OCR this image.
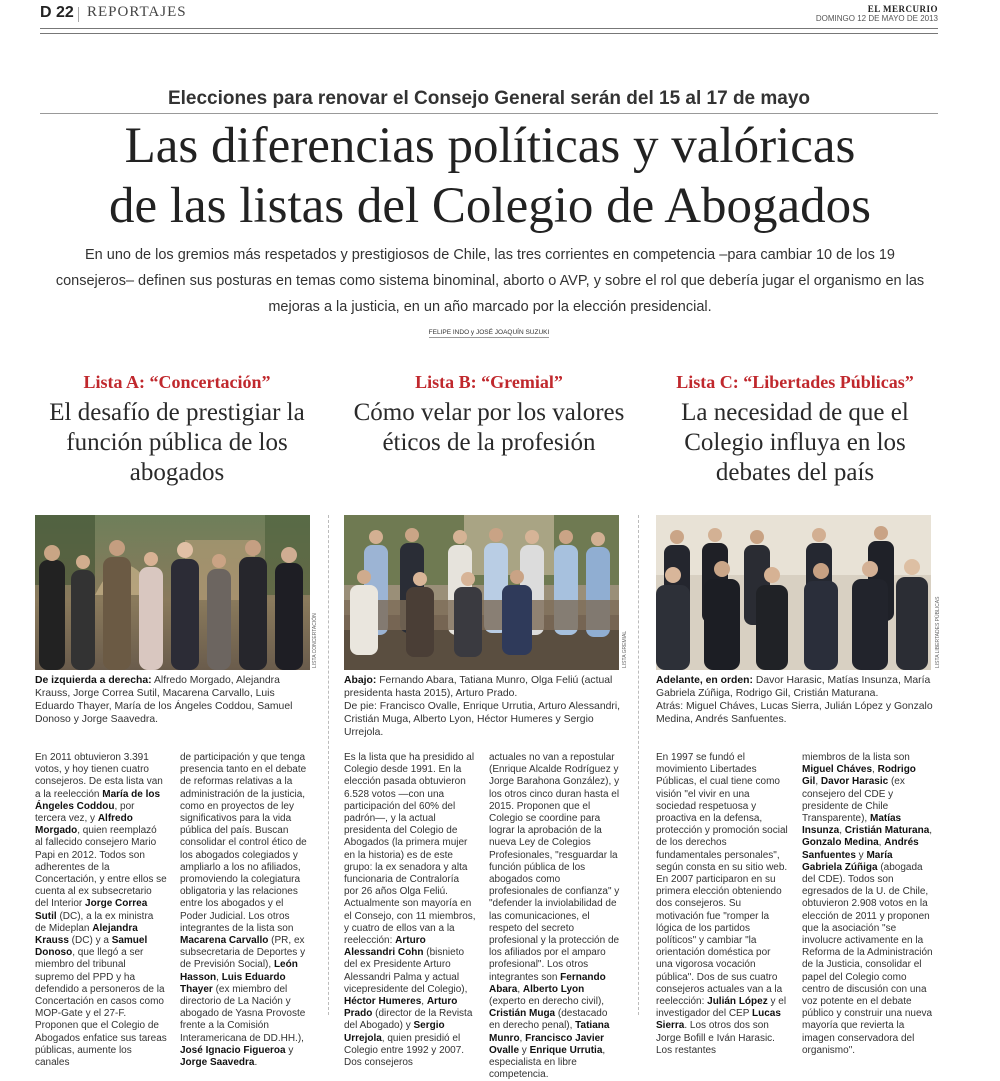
D 22 REPORTAJES	EL MERCURIO
DOMINGO 12 DE MAYO DE 2013
Elecciones para renovar el Consejo General serán del 15 al 17 de mayo
Las diferencias políticas y valóricas
de las listas del Colegio de Abogados
En uno de los gremios más respetados y prestigiosos de Chile, las tres corrientes en competencia –para cambiar 10 de los 19 consejeros– definen sus posturas en temas como sistema binominal, aborto o AVP, y sobre el rol que debería jugar el organismo en las mejoras a la justicia, en un año marcado por la elección presidencial.
FELIPE INDO y JOSÉ JOAQUÍN SUZUKI
Lista A: “Concertación”
El desafío de prestigiar la función pública de los abogados
Lista B: “Gremial”
Cómo velar por los valores éticos de la profesión
Lista C: “Libertades Públicas”
La necesidad de que el Colegio influya en los debates del país
LISTA CONCERTACIÓN	LISTA GREMIAL	LISTA LIBERTADES PÚBLICAS
De izquierda a derecha: Alfredo Morgado, Alejandra Krauss, Jorge Correa Sutil, Macarena Carvallo, Luis Eduardo Thayer, María de los Ángeles Coddou, Samuel Donoso y Jorge Saavedra.
Abajo: Fernando Abara, Tatiana Munro, Olga Feliú (actual presidenta hasta 2015), Arturo Prado.
De pie: Francisco Ovalle, Enrique Urrutia, Arturo Alessandri, Cristián Muga, Alberto Lyon, Héctor Humeres y Sergio Urrejola.
Adelante, en orden: Davor Harasic, Matías Insunza, María Gabriela Zúñiga, Rodrigo Gil, Cristián Maturana.
Atrás: Miguel Cháves, Lucas Sierra, Julián López y Gonzalo Medina, Andrés Sanfuentes.
En 2011 obtuvieron 3.391 votos, y hoy tienen cuatro consejeros. De esta lista van a la reelección María de los Ángeles Coddou, por tercera vez, y Alfredo Morgado, quien reemplazó al fallecido consejero Mario Papi en 2012. Todos son adherentes de la Concertación, y entre ellos se cuenta al ex subsecretario del Interior Jorge Correa Sutil (DC), a la ex ministra de Mideplan Alejandra Krauss (DC) y a Samuel Donoso, que llegó a ser miembro del tribunal supremo del PPD y ha defendido a personeros de la Concertación en casos como MOP-Gate y el 27-F. Proponen que el Colegio de Abogados enfatice sus tareas públicas, aumente los canales
de participación y que tenga presencia tanto en el debate de reformas relativas a la administración de la justicia, como en proyectos de ley significativos para la vida pública del país. Buscan consolidar el control ético de los abogados colegiados y ampliarlo a los no afiliados, promoviendo la colegiatura obligatoria y las relaciones entre los abogados y el Poder Judicial. Los otros integrantes de la lista son Macarena Carvallo (PR, ex subsecretaria de Deportes y de Previsión Social), León Hasson, Luis Eduardo Thayer (ex miembro del directorio de La Nación y abogado de Yasna Provoste frente a la Comisión Interamericana de DD.HH.), José Ignacio Figueroa y Jorge Saavedra.
Es la lista que ha presidido al Colegio desde 1991. En la elección pasada obtuvieron 6.528 votos —con una participación del 60% del padrón—, y la actual presidenta del Colegio de Abogados (la primera mujer en la historia) es de este grupo: la ex senadora y alta funcionaria de Contraloría por 26 años Olga Feliú. Actualmente son mayoría en el Consejo, con 11 miembros, y cuatro de ellos van a la reelección: Arturo Alessandri Cohn (bisnieto del ex Presidente Arturo Alessandri Palma y actual vicepresidente del Colegio), Héctor Humeres, Arturo Prado (director de la Revista del Abogado) y Sergio Urrejola, quien presidió el Colegio entre 1992 y 2007. Dos consejeros
actuales no van a repostular (Enrique Alcalde Rodríguez y Jorge Barahona González), y los otros cinco duran hasta el 2015. Proponen que el Colegio se coordine para lograr la aprobación de la nueva Ley de Colegios Profesionales, "resguardar la función pública de los abogados como profesionales de confianza" y "defender la inviolabilidad de las comunicaciones, el respeto del secreto profesional y la protección de los afiliados por el amparo profesional". Los otros integrantes son Fernando Abara, Alberto Lyon (experto en derecho civil), Cristián Muga (destacado en derecho penal), Tatiana Munro, Francisco Javier Ovalle y Enrique Urrutia, especialista en libre competencia.
En 1997 se fundó el movimiento Libertades Públicas, el cual tiene como visión "el vivir en una sociedad respetuosa y proactiva en la defensa, protección y promoción social de los derechos fundamentales personales", según consta en su sitio web. En 2007 participaron en su primera elección obteniendo dos consejeros. Su motivación fue "romper la lógica de los partidos políticos" y cambiar "la orientación doméstica por una vigorosa vocación pública". Dos de sus cuatro consejeros actuales van a la reelección: Julián López y el investigador del CEP Lucas Sierra. Los otros dos son Jorge Bofill e Iván Harasic. Los restantes
miembros de la lista son Miguel Cháves, Rodrigo Gil, Davor Harasic (ex consejero del CDE y presidente de Chile Transparente), Matías Insunza, Cristián Maturana, Gonzalo Medina, Andrés Sanfuentes y María Gabriela Zúñiga (abogada del CDE). Todos son egresados de la U. de Chile, obtuvieron 2.908 votos en la elección de 2011 y proponen que la asociación "se involucre activamente en la Reforma de la Administración de la Justicia, consolidar el papel del Colegio como centro de discusión con una voz potente en el debate público y construir una nueva mayoría que revierta la imagen conservadora del organismo".
